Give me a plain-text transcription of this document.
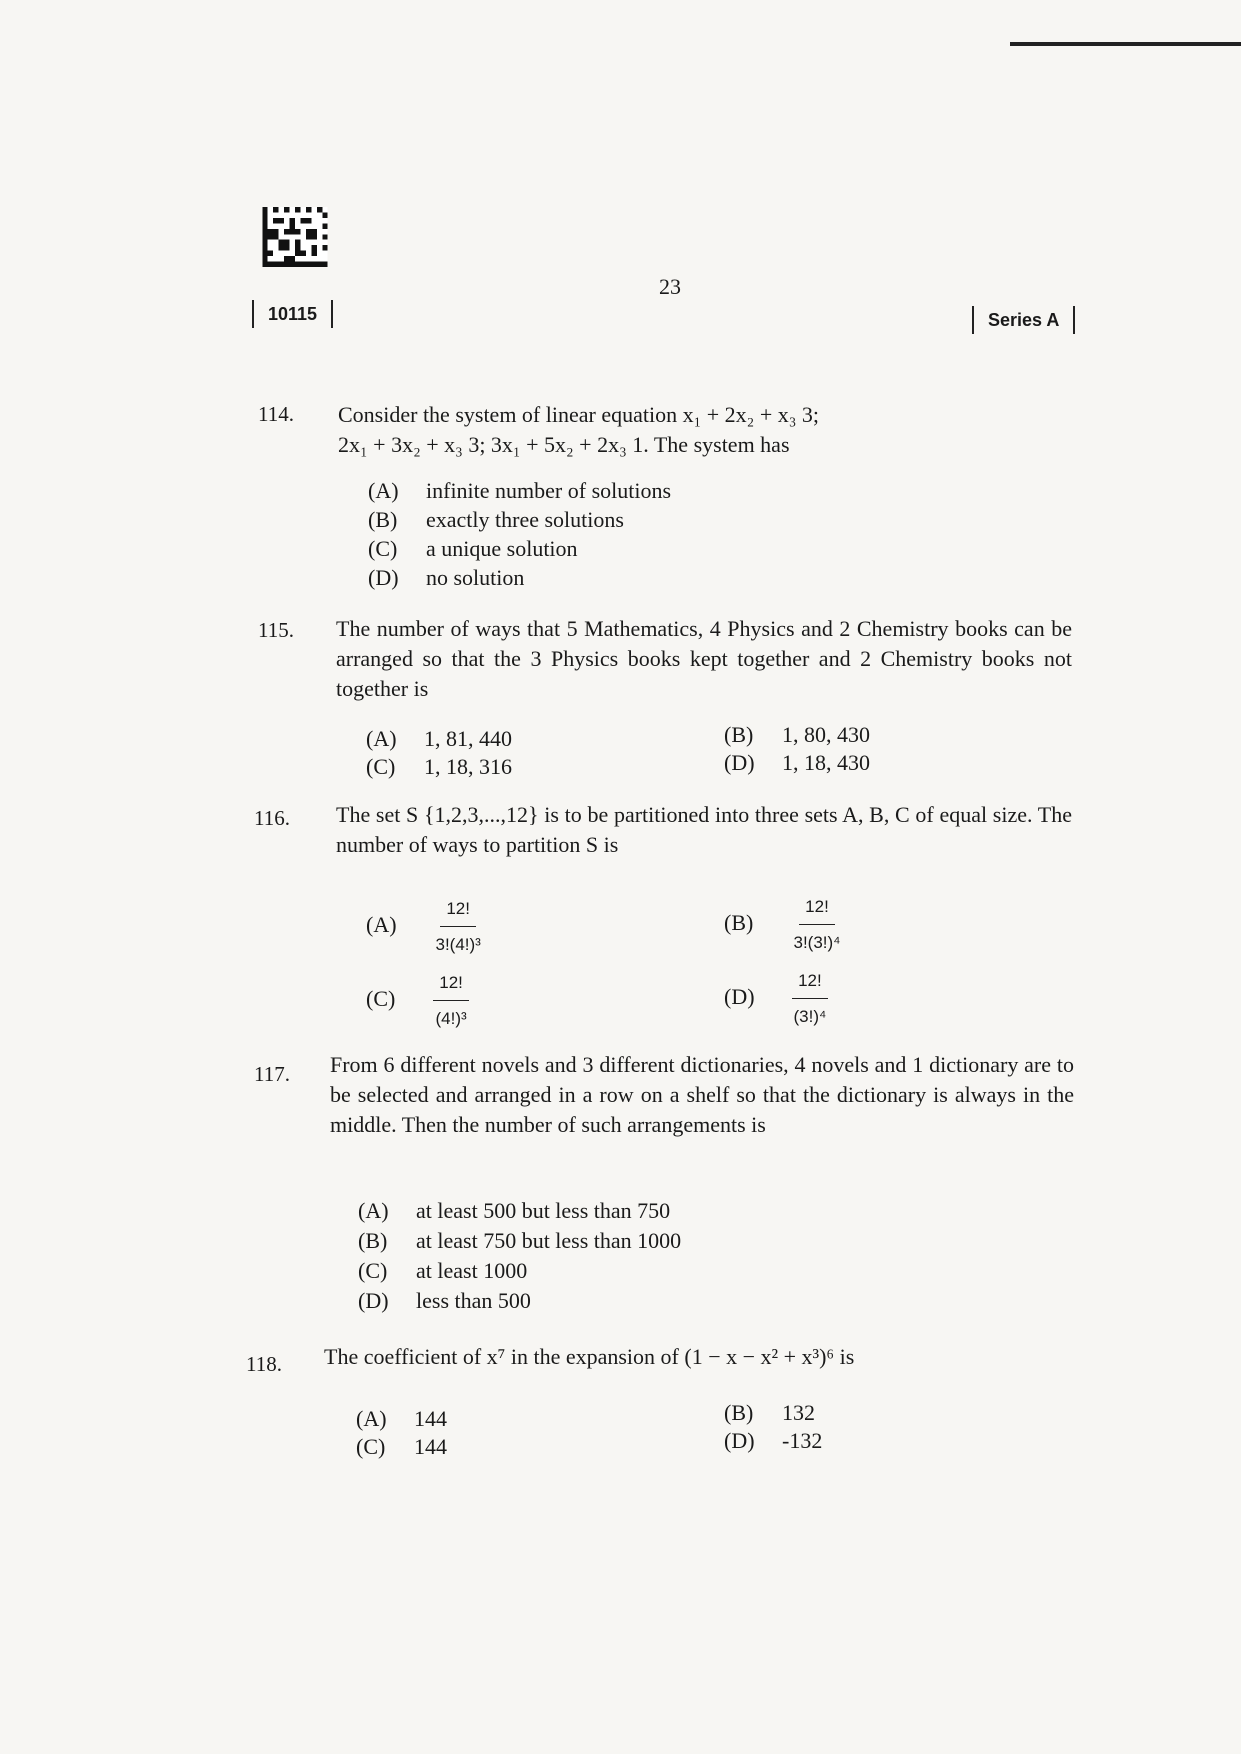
23
10115	Series A
114. Consider the system of linear equation x₁ + 2x₂ + x₃ 3;
2x₁ + 3x₂ + x₃ 3; 3x₁ + 5x₂ + 2x₃ 1. The system has
(A) infinite number of solutions
(B) exactly three solutions
(C) a unique solution
(D) no solution
115. The number of ways that 5 Mathematics, 4 Physics and 2 Chemistry books can be arranged so that the 3 Physics books kept together and 2 Chemistry books not together is
(A) 1, 81, 440	(B) 1, 80, 430
(C) 1, 18, 316	(D) 1, 18, 430
116. The set S {1,2,3,...,12} is to be partitioned into three sets A, B, C of equal size. The number of ways to partition S is
$(A) \frac{12!}{\text{3!(4!)³}}$	$(B) \frac{12!}{\text{3!(3!)⁴}}$
$(C) \frac{12!}{\text{(4!)³}}$	$(D) \frac{12!}{\text{(3!)⁴}}$
117. From 6 different novels and 3 different dictionaries, 4 novels and 1 dictionary are to be selected and arranged in a row on a shelf so that the dictionary is always in the middle. Then the number of such arrangements is
(A) at least 500 but less than 750
(B) at least 750 but less than 1000
(C) at least 1000
(D) less than 500
118. The coefficient of x⁷ in the expansion of (1 − x − x² + x³)⁶ is
(A) 144	(B) 132
(C) 144	(D) -132
